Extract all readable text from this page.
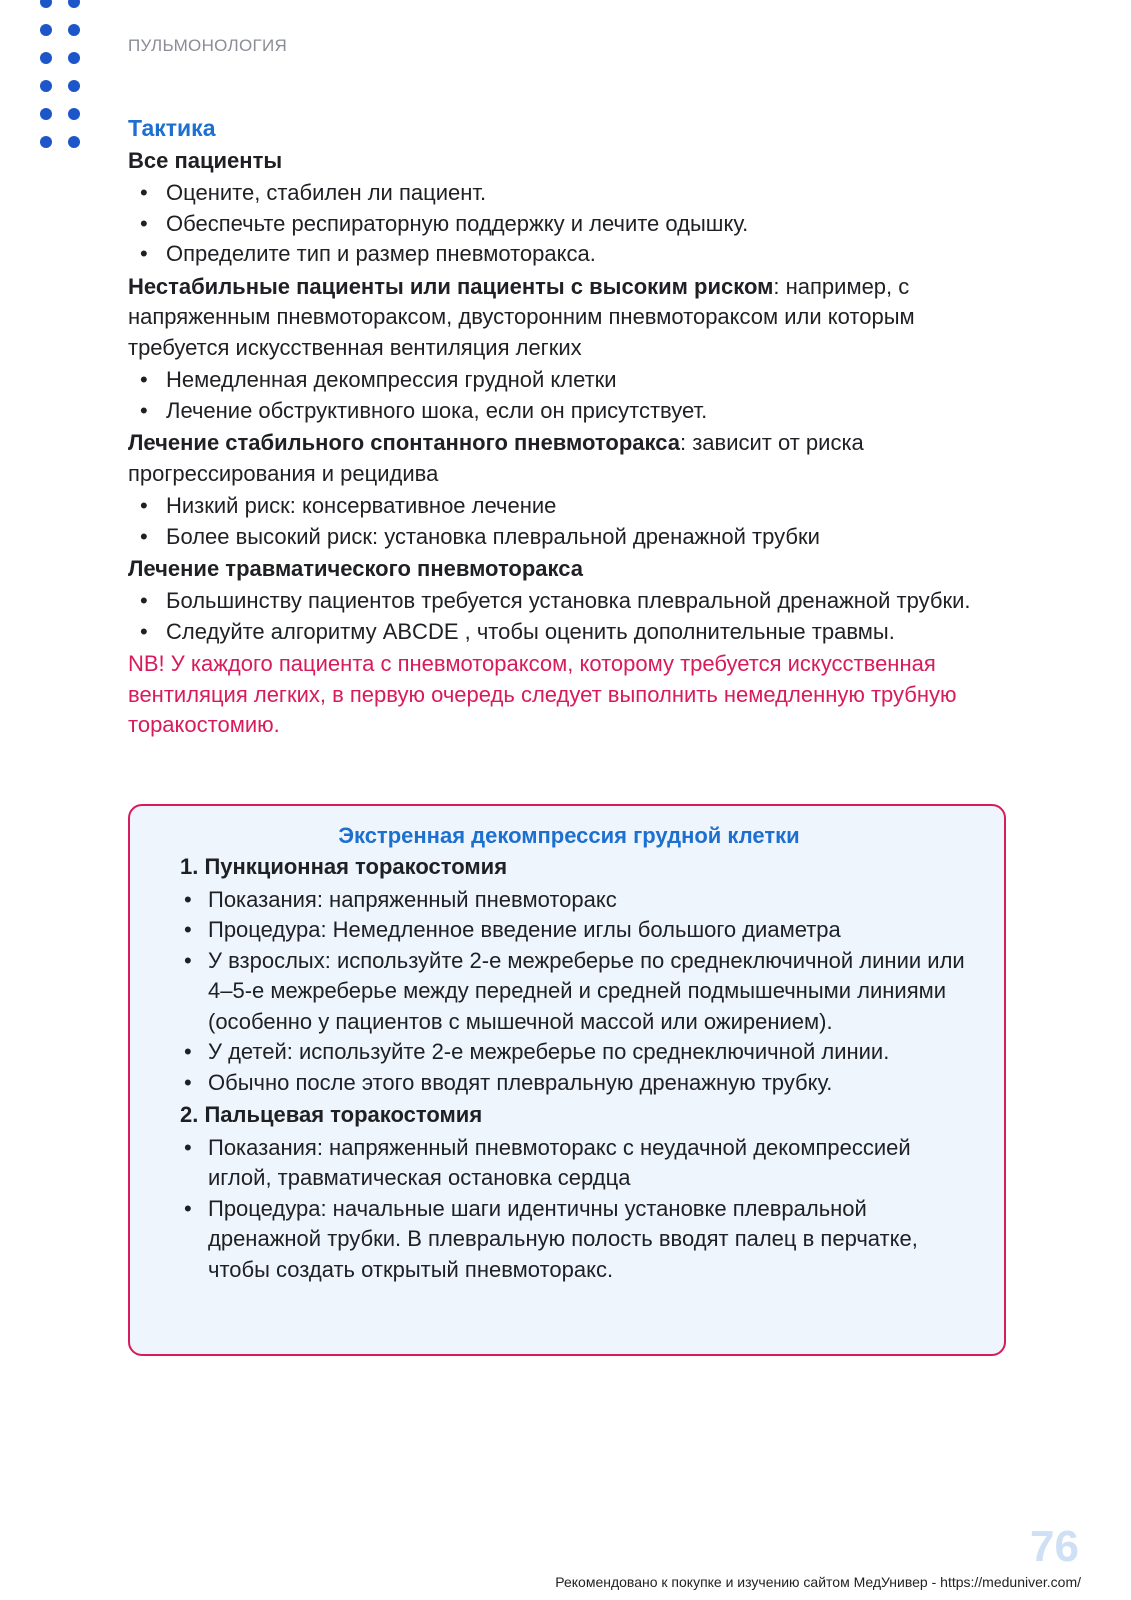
ПУЛЬМОНОЛОГИЯ
Тактика
Все пациенты
• Оцените, стабилен ли пациент.
• Обеспечьте респираторную поддержку и лечите одышку.
• Определите тип и размер пневмоторакса.

Нестабильные пациенты или пациенты с высоким риском: например, с напряженным пневмотораксом, двусторонним пневмотораксом или которым требуется искусственная вентиляция легких

• Немедленная декомпрессия грудной клетки
• Лечение обструктивного шока, если он присутствует.

Лечение стабильного спонтанного пневмоторакса: зависит от риска прогрессирования и рецидива

• Низкий риск: консервативное лечение
• Более высокий риск: установка плевральной дренажной трубки
Лечение травматического пневмоторакса
• Большинству пациентов требуется установка плевральной дренажной трубки.
• Следуйте алгоритму ABCDE , чтобы оценить дополнительные травмы.

NB! У каждого пациента с пневмотораксом, которому требуется искусственная вентиляция легких, в первую очередь следует выполнить немедленную трубную торакостомию.

Экстренная декомпрессия грудной клетки
1. Пункционная торакостомия
• Показания: напряженный пневмоторакс
• Процедура: Немедленное введение иглы большого диаметра
• У взрослых: используйте 2-е межреберье по среднеключичной линии или 4–5-е межреберье между передней и средней подмышечными линиями (особенно у пациентов с мышечной массой или ожирением).
• У детей: используйте 2-е межреберье по среднеключичной линии.
• Обычно после этого вводят плевральную дренажную трубку.
2. Пальцевая торакостомия
• Показания: напряженный пневмоторакс с неудачной декомпрессией иглой, травматическая остановка сердца
• Процедура: начальные шаги идентичны установке плевральной дренажной трубки. В плевральную полость вводят палец в перчатке, чтобы создать открытый пневмоторакс.
76
Рекомендовано к покупке и изучению сайтом МедУнивер - https://meduniver.com/
